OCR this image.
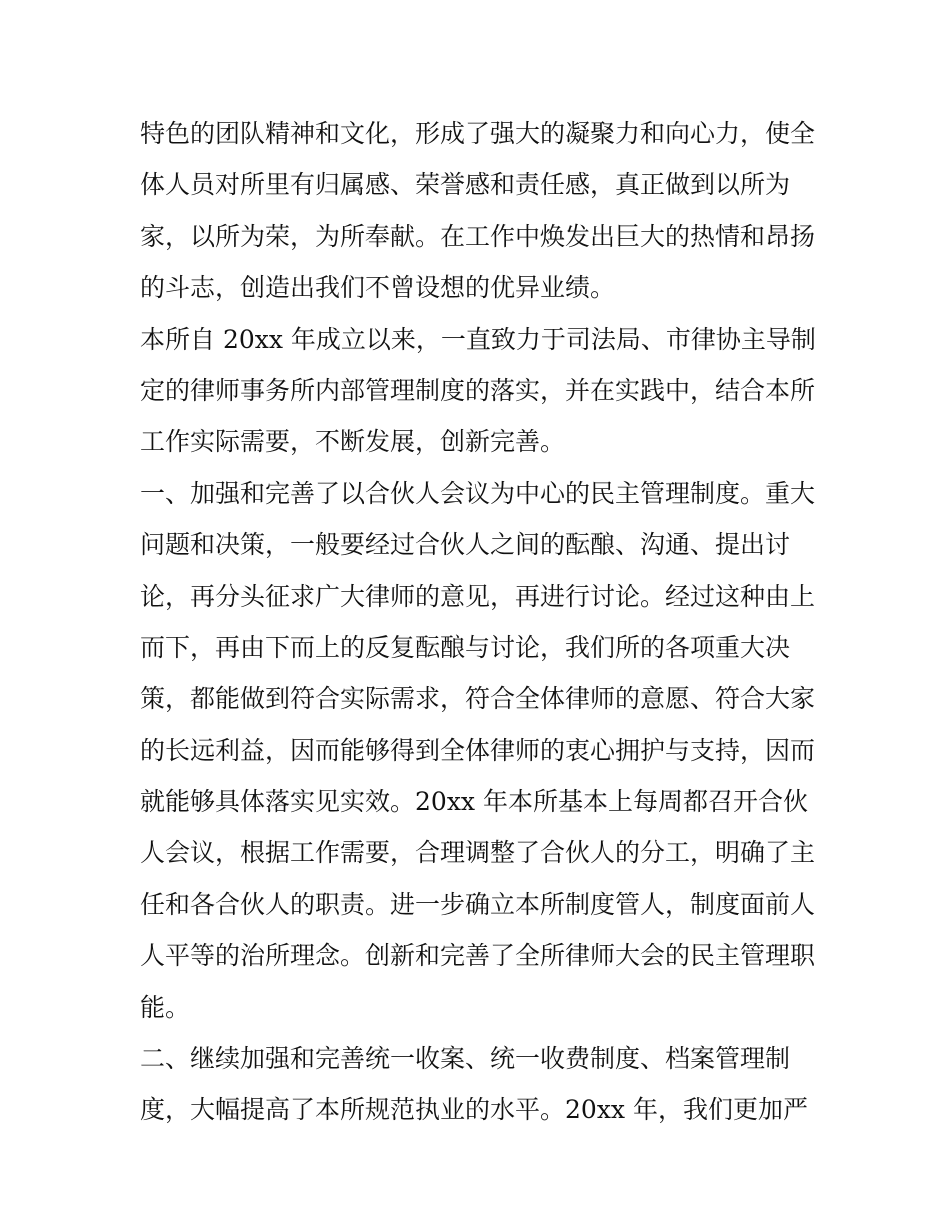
特色的团队精神和文化，形成了强大的凝聚力和向心力，使全
体人员对所里有归属感、荣誉感和责任感，真正做到以所为
家，以所为荣，为所奉献。在工作中焕发出巨大的热情和昂扬
的斗志，创造出我们不曾设想的优异业绩。

本所自 20xx 年成立以来，一直致力于司法局、市律协主导制
定的律师事务所内部管理制度的落实，并在实践中，结合本所
工作实际需要，不断发展，创新完善。

一、加强和完善了以合伙人会议为中心的民主管理制度。重大
问题和决策，一般要经过合伙人之间的酝酿、沟通、提出讨
论，再分头征求广大律师的意见，再进行讨论。经过这种由上
而下，再由下而上的反复酝酿与讨论，我们所的各项重大决
策，都能做到符合实际需求，符合全体律师的意愿、符合大家
的长远利益，因而能够得到全体律师的衷心拥护与支持，因而
就能够具体落实见实效。20xx 年本所基本上每周都召开合伙
人会议，根据工作需要，合理调整了合伙人的分工，明确了主
任和各合伙人的职责。进一步确立本所制度管人，制度面前人
人平等的治所理念。创新和完善了全所律师大会的民主管理职
能。

二、继续加强和完善统一收案、统一收费制度、档案管理制
度，大幅提高了本所规范执业的水平。20xx 年，我们更加严
